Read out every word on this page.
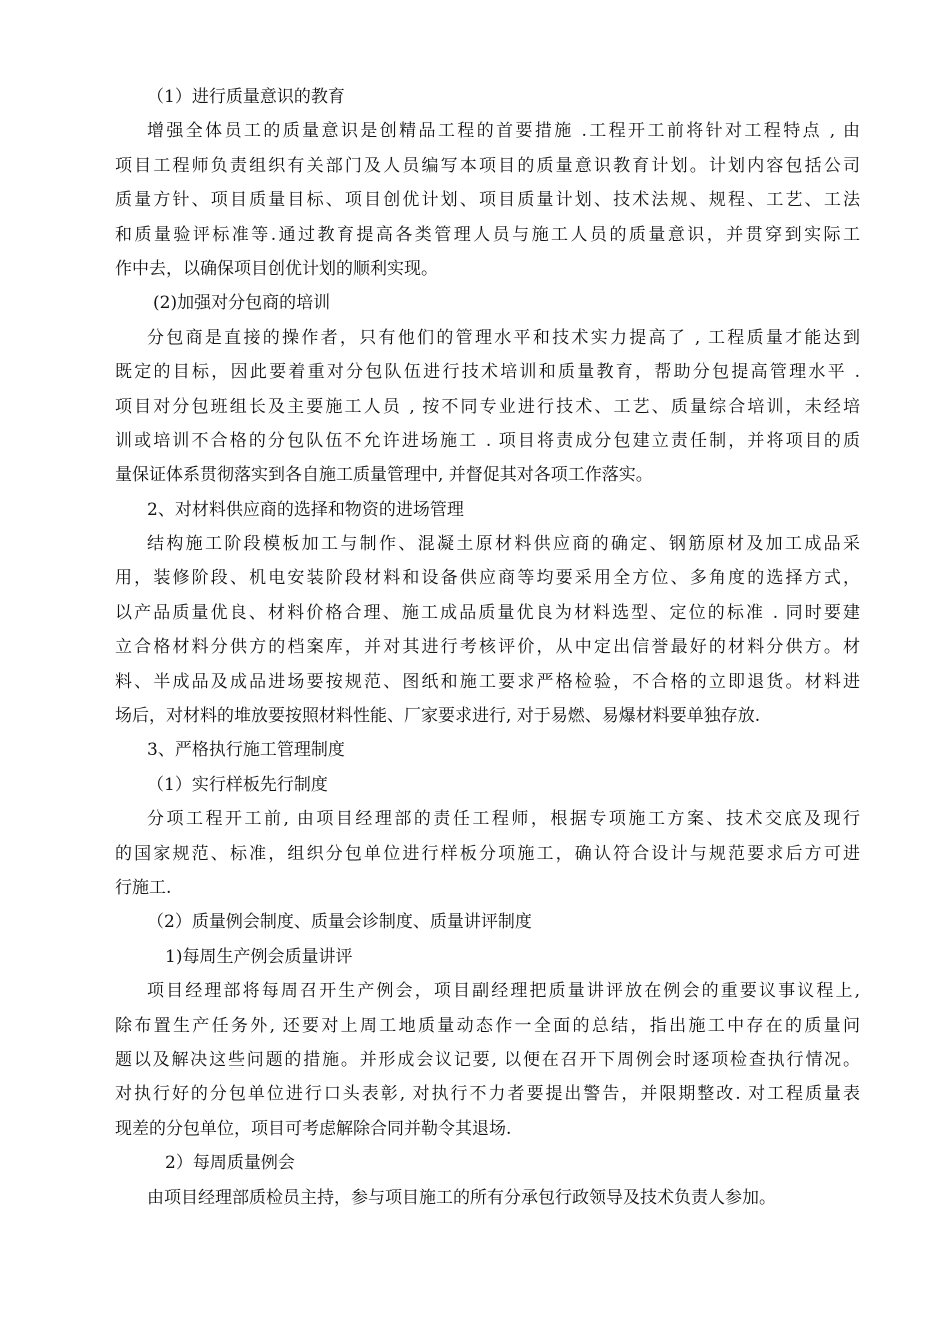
（1）进行质量意识的教育
增强全体员工的质量意识是创精品工程的首要措施 .工程开工前将针对工程特点 , 由
项目工程师负责组织有关部门及人员编写本项目的质量意识教育计划。计划内容包括公司
质量方针、项目质量目标、项目创优计划、项目质量计划、技术法规、规程、工艺、工法
和质量验评标准等.通过教育提高各类管理人员与施工人员的质量意识，并贯穿到实际工
作中去，以确保项目创优计划的顺利实现。
(2)加强对分包商的培训
分包商是直接的操作者，只有他们的管理水平和技术实力提高了 , 工程质量才能达到
既定的目标，因此要着重对分包队伍进行技术培训和质量教育，帮助分包提高管理水平 .
项目对分包班组长及主要施工人员 , 按不同专业进行技术、工艺、质量综合培训，未经培
训或培训不合格的分包队伍不允许进场施工 . 项目将责成分包建立责任制，并将项目的质
量保证体系贯彻落实到各自施工质量管理中, 并督促其对各项工作落实。
2、对材料供应商的选择和物资的进场管理
结构施工阶段模板加工与制作、混凝土原材料供应商的确定、钢筋原材及加工成品采
用，装修阶段、机电安装阶段材料和设备供应商等均要采用全方位、多角度的选择方式，
以产品质量优良、材料价格合理、施工成品质量优良为材料选型、定位的标准 . 同时要建
立合格材料分供方的档案库，并对其进行考核评价，从中定出信誉最好的材料分供方。材
料、半成品及成品进场要按规范、图纸和施工要求严格检验，不合格的立即退货。材料进
场后，对材料的堆放要按照材料性能、厂家要求进行, 对于易燃、易爆材料要单独存放.
3、严格执行施工管理制度
（1）实行样板先行制度
分项工程开工前, 由项目经理部的责任工程师，根据专项施工方案、技术交底及现行
的国家规范、标准，组织分包单位进行样板分项施工，确认符合设计与规范要求后方可进
行施工.
（2）质量例会制度、质量会诊制度、质量讲评制度
1)每周生产例会质量讲评
项目经理部将每周召开生产例会，项目副经理把质量讲评放在例会的重要议事议程上,
除布置生产任务外, 还要对上周工地质量动态作一全面的总结，指出施工中存在的质量问
题以及解决这些问题的措施。并形成会议记要, 以便在召开下周例会时逐项检查执行情况。
对执行好的分包单位进行口头表彰, 对执行不力者要提出警告，并限期整改. 对工程质量表
现差的分包单位，项目可考虑解除合同并勒令其退场.
2）每周质量例会
由项目经理部质检员主持，参与项目施工的所有分承包行政领导及技术负责人参加。
